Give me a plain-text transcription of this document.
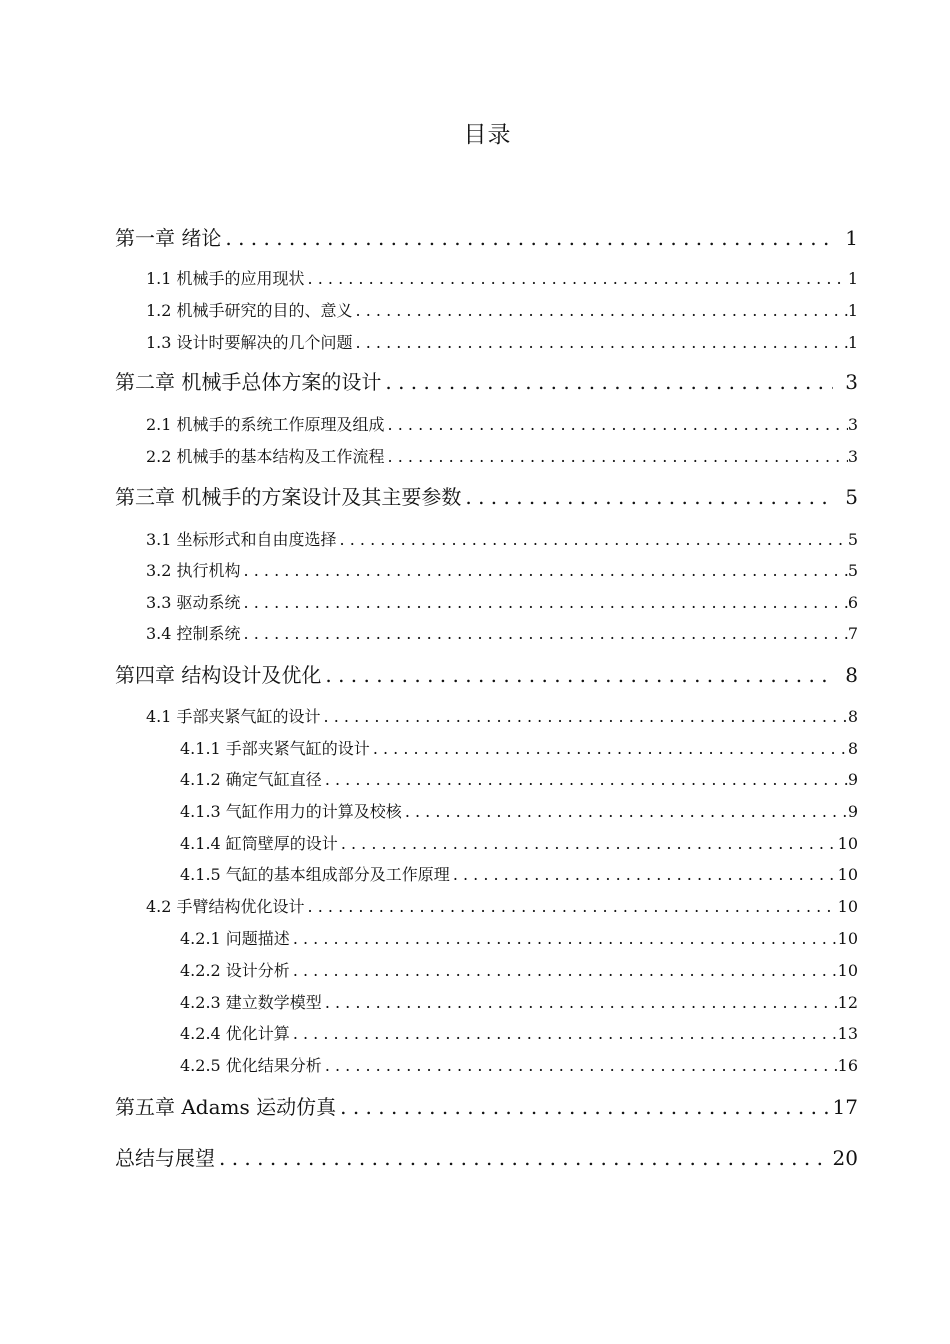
目录
第一章 绪论 . . .	1
1.1 机械手的应用现状 . . .	1
1.2 机械手研究的目的、意义 . . .	1
1.3 设计时要解决的几个问题 . . .	1
第二章 机械手总体方案的设计 . . .	3
2.1 机械手的系统工作原理及组成 . . .	3
2.2 机械手的基本结构及工作流程 . . .	3
第三章 机械手的方案设计及其主要参数 . . .	5
3.1 坐标形式和自由度选择 . . .	5
3.2 执行机构 . . .	5
3.3 驱动系统 . . .	6
3.4 控制系统 . . .	7
第四章 结构设计及优化 . . .	8
4.1 手部夹紧气缸的设计 . . .	8
4.1.1 手部夹紧气缸的设计 . . .	8
4.1.2 确定气缸直径 . . .	9
4.1.3 气缸作用力的计算及校核 . . .	9
4.1.4 缸筒壁厚的设计 . . .	10
4.1.5 气缸的基本组成部分及工作原理 . . .	10
4.2 手臂结构优化设计 . . .	10
4.2.1 问题描述 . . .	10
4.2.2 设计分析 . . .	10
4.2.3 建立数学模型 . . .	12
4.2.4 优化计算 . . .	13
4.2.5 优化结果分析 . . .	16
第五章 Adams 运动仿真 . . .	17
总结与展望 . . .	20
